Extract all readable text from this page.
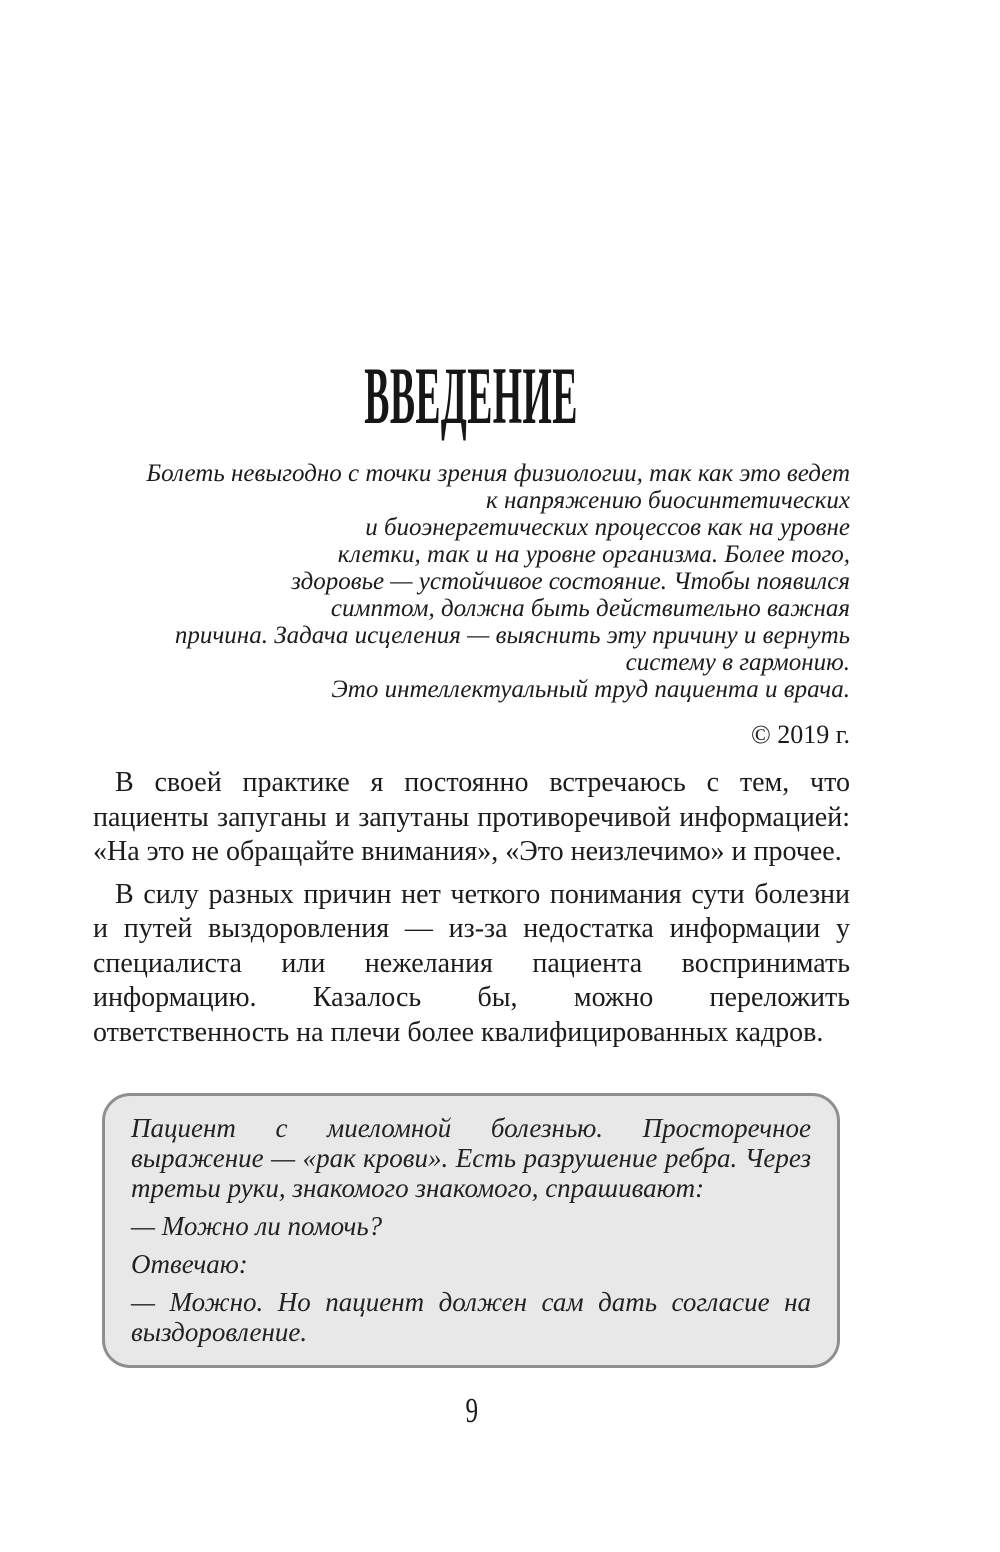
ВВЕДЕНИЕ
Болеть невыгодно с точки зрения физиологии, так как это ведет
к напряжению биосинтетических
и биоэнергетических процессов как на уровне
клетки, так и на уровне организма. Более того,
здоровье — устойчивое состояние. Чтобы появился
симптом, должна быть действительно важная
причина. Задача исцеления — выяснить эту причину и вернуть
систему в гармонию.
Это интеллектуальный труд пациента и врача.
© 2019 г.

В своей практике я постоянно встречаюсь с тем, что пациенты запуганы и запутаны противоречивой информацией: «На это не обращайте внимания», «Это неизлечимо» и прочее.

В силу разных причин нет четкого понимания сути болезни и путей выздоровления — из-за недостатка информации у специалиста или нежелания пациента воспринимать информацию. Казалось бы, можно переложить ответственность на плечи более квалифицированных кадров.

Пациент с миеломной болезнью. Просторечное выражение — «рак крови». Есть разрушение ребра. Через третьи руки, знакомого знакомого, спрашивают:

— Можно ли помочь?

Отвечаю:

— Можно. Но пациент должен сам дать согласие на выздоровление.

9
